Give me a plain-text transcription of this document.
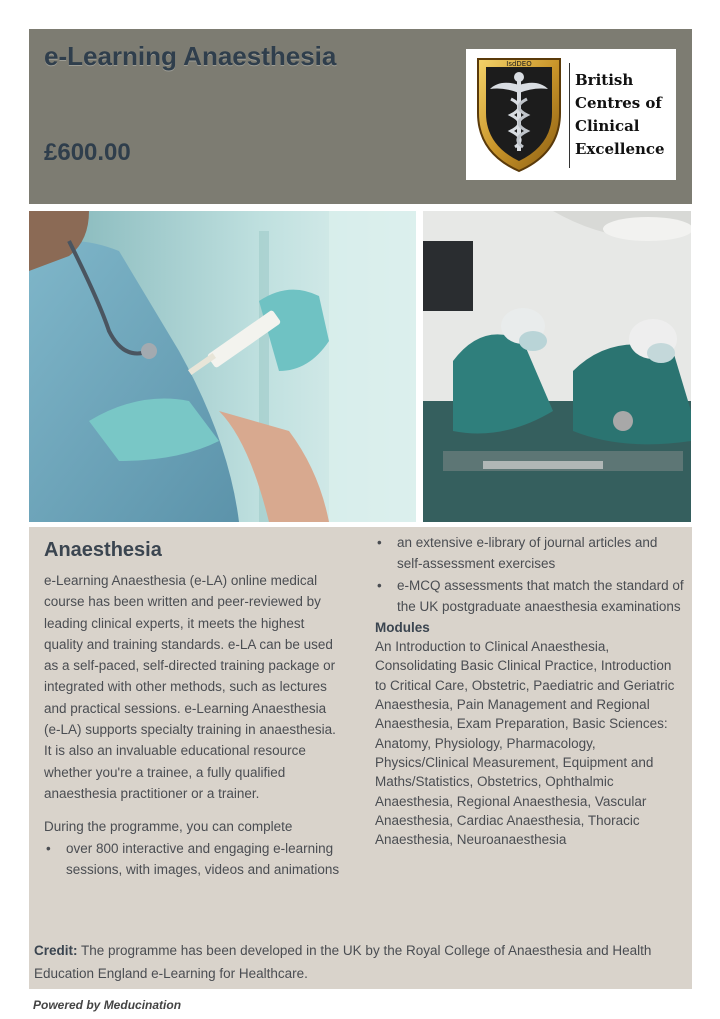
e-Learning Anaesthesia
£600.00
IsdDEO
British
Centres of
Clinical
Excellence
Anaesthesia

e-Learning Anaesthesia (e-LA) online medical course has been written and peer-reviewed by leading clinical experts, it meets the highest quality and training standards. e-LA can be used as a self-paced, self-directed training package or integrated with other methods, such as lectures and practical sessions. e-Learning Anaesthesia (e-LA) supports specialty training in anaesthesia. It is also an invaluable educational resource whether you're a trainee, a fully qualified anaesthesia practitioner or a trainer.

During the programme, you can complete

• over 800 interactive and engaging e-learning sessions, with images, videos and animations
• an extensive e-library of journal articles and self-assessment exercises
• e-MCQ assessments that match the standard of the UK postgraduate anaesthesia examinations
Modules

An Introduction to Clinical Anaesthesia, Consolidating Basic Clinical Practice, Introduction to Critical Care, Obstetric, Paediatric and Geriatric Anaesthesia, Pain Management and Regional Anaesthesia, Exam Preparation, Basic Sciences: Anatomy, Physiology, Pharmacology, Physics/Clinical Measurement, Equipment and Maths/Statistics, Obstetrics, Ophthalmic Anaesthesia, Regional Anaesthesia, Vascular Anaesthesia, Cardiac Anaesthesia, Thoracic Anaesthesia, Neuroanaesthesia

Credit: The programme has been developed in the UK by the Royal College of Anaesthesia and Health Education England e-Learning for Healthcare.

Powered by Meducination
